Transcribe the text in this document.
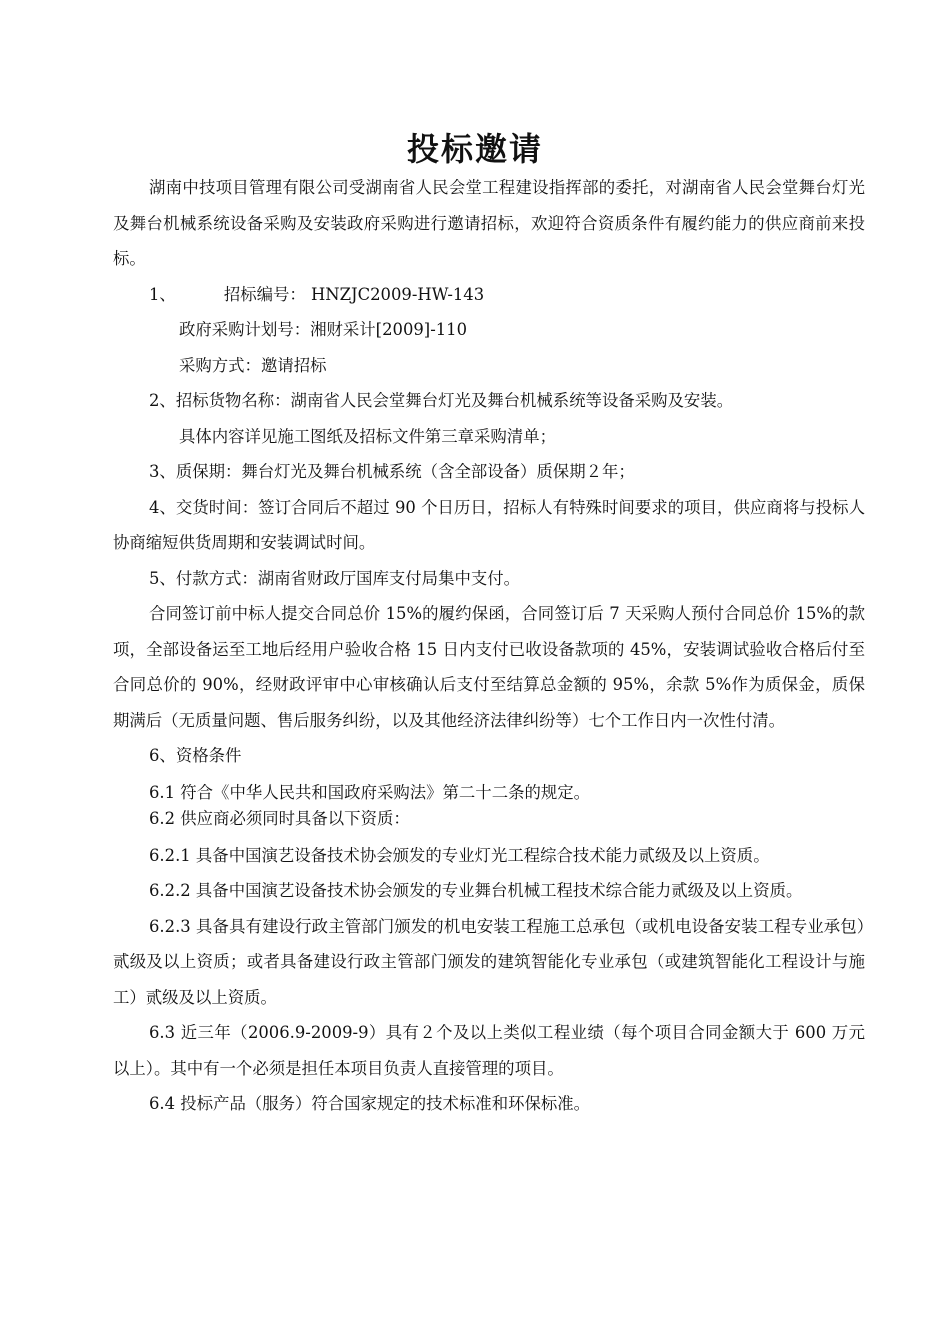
投标邀请

湖南中技项目管理有限公司受湖南省人民会堂工程建设指挥部的委托，对湖南省人民会堂舞台灯光及舞台机械系统设备采购及安装政府采购进行邀请招标，欢迎符合资质条件有履约能力的供应商前来投标。

1、	招标编号： HNZJC2009-HW-143

政府采购计划号：湘财采计[2009]-110

采购方式：邀请招标

2、招标货物名称：湖南省人民会堂舞台灯光及舞台机械系统等设备采购及安装。

具体内容详见施工图纸及招标文件第三章采购清单；

3、质保期：舞台灯光及舞台机械系统（含全部设备）质保期２年；

4、交货时间：签订合同后不超过 90 个日历日，招标人有特殊时间要求的项目，供应商将与投标人协商缩短供货周期和安装调试时间。

5、付款方式：湖南省财政厅国库支付局集中支付。

合同签订前中标人提交合同总价 15%的履约保函，合同签订后 7 天采购人预付合同总价 15%的款项，全部设备运至工地后经用户验收合格 15 日内支付已收设备款项的 45%，安装调试验收合格后付至合同总价的 90%，经财政评审中心审核确认后支付至结算总金额的 95%，余款 5%作为质保金，质保期满后（无质量问题、售后服务纠纷，以及其他经济法律纠纷等）七个工作日内一次性付清。

6、资格条件

6.1 符合《中华人民共和国政府采购法》第二十二条的规定。

6.2 供应商必须同时具备以下资质：

6.2.1 具备中国演艺设备技术协会颁发的专业灯光工程综合技术能力贰级及以上资质。

6.2.2 具备中国演艺设备技术协会颁发的专业舞台机械工程技术综合能力贰级及以上资质。

6.2.3 具备具有建设行政主管部门颁发的机电安装工程施工总承包（或机电设备安装工程专业承包）贰级及以上资质；或者具备建设行政主管部门颁发的建筑智能化专业承包（或建筑智能化工程设计与施工）贰级及以上资质。

6.3 近三年（2006.9-2009-9）具有２个及以上类似工程业绩（每个项目合同金额大于 600 万元以上）。其中有一个必须是担任本项目负责人直接管理的项目。

6.4 投标产品（服务）符合国家规定的技术标准和环保标准。
